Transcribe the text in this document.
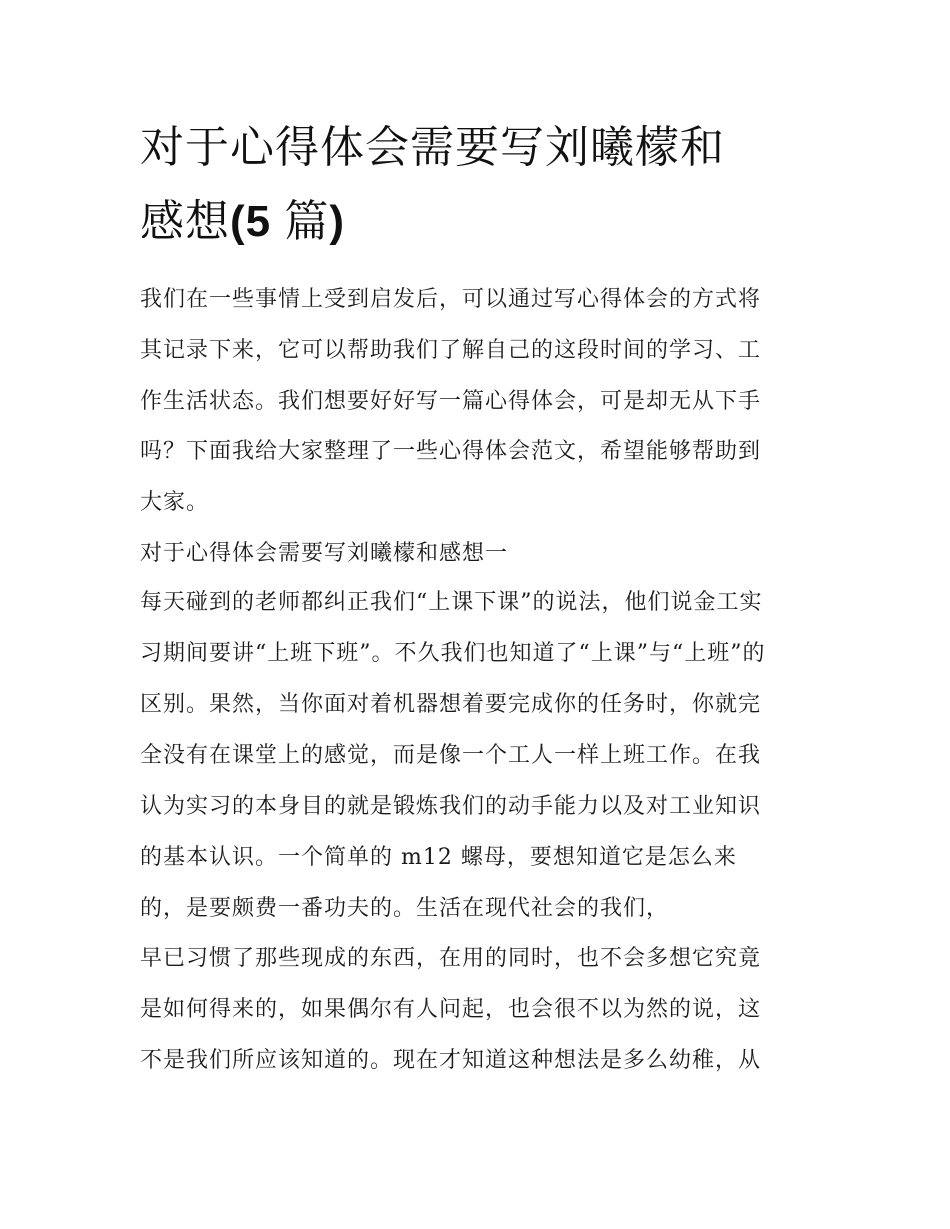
对于心得体会需要写刘曦檬和
感想(5 篇)
我们在一些事情上受到启发后，可以通过写心得体会的方式将
其记录下来，它可以帮助我们了解自己的这段时间的学习、工
作生活状态。我们想要好好写一篇心得体会，可是却无从下手
吗？下面我给大家整理了一些心得体会范文，希望能够帮助到
大家。
对于心得体会需要写刘曦檬和感想一
每天碰到的老师都纠正我们“上课下课”的说法，他们说金工实
习期间要讲“上班下班”。不久我们也知道了“上课”与“上班”的
区别。果然，当你面对着机器想着要完成你的任务时，你就完
全没有在课堂上的感觉，而是像一个工人一样上班工作。在我
认为实习的本身目的就是锻炼我们的动手能力以及对工业知识
的基本认识。一个简单的 m12 螺母，要想知道它是怎么来
的，是要颇费一番功夫的。生活在现代社会的我们，
早已习惯了那些现成的东西，在用的同时，也不会多想它究竟
是如何得来的，如果偶尔有人问起，也会很不以为然的说，这
不是我们所应该知道的。现在才知道这种想法是多么幼稚，从
